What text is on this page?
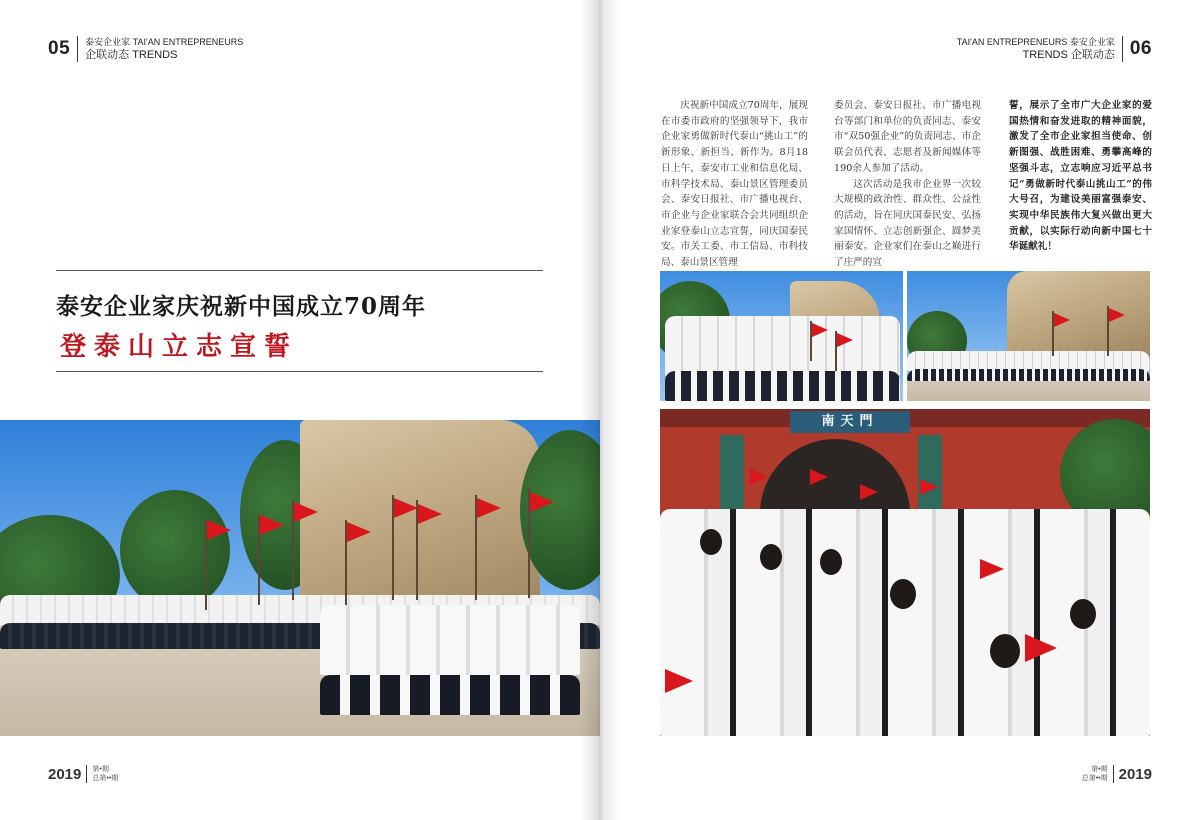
05 泰安企业家 TAI'AN ENTREPRENEURS
企联动态 TRENDS
泰安企业家庆祝新中国成立70周年
登泰山立志宣誓
2019 第•期
总第••期
TAI'AN ENTREPRENEURS 泰安企业家
TRENDS 企联动态 06

庆祝新中国成立70周年，展现在市委市政府的坚强领导下，我市企业家勇做新时代泰山“挑山工”的新形象、新担当、新作为。8月18日上午，泰安市工业和信息化局、市科学技术局、泰山景区管理委员会、泰安日报社、市广播电视台、市企业与企业家联合会共同组织企业家登泰山立志宣誓，同庆国泰民安。市关工委、市工信局、市科技局、泰山景区管理

委员会、泰安日报社、市广播电视台等部门和单位的负责同志、泰安市“双50强企业”的负责同志、市企联会员代表、志愿者及新闻媒体等190余人参加了活动。

这次活动是我市企业界一次较大规模的政治性、群众性、公益性的活动，旨在同庆国泰民安、弘扬家国情怀、立志创新强企、圆梦美丽泰安。企业家们在泰山之巅进行了庄严的宣

誓，展示了全市广大企业家的爱国热情和奋发进取的精神面貌，激发了全市企业家担当使命、创新图强、战胜困难、勇攀高峰的坚强斗志，立志响应习近平总书记“勇做新时代泰山挑山工”的伟大号召，为建设美丽富强泰安、实现中华民族伟大复兴做出更大贡献，以实际行动向新中国七十华诞献礼！

南天門
第•期
总第••期 2019
